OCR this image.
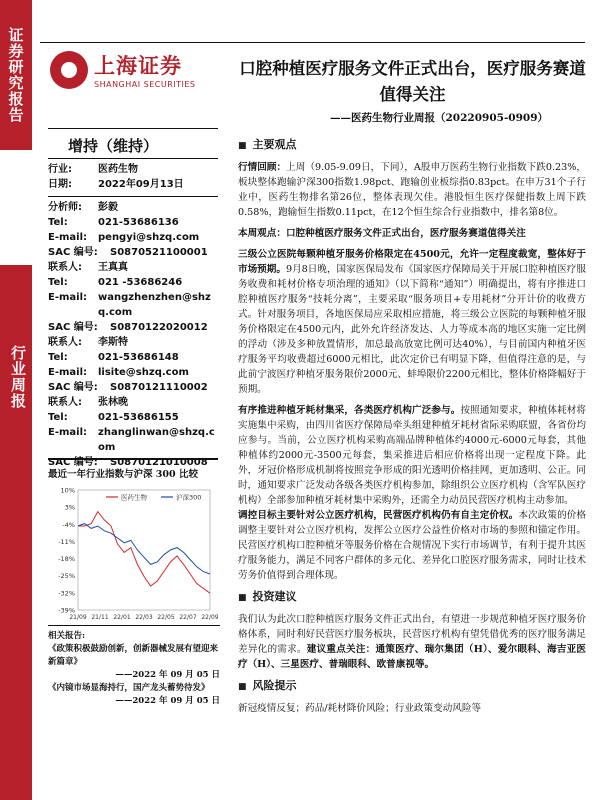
证券研究报告
行业周报
上海证券
SHANGHAI SECURITIES
口腔种植医疗服务文件正式出台，医疗服务赛道值得关注
——医药生物行业周报（20220905-0909）
增持（维持）
行业:	医药生物
日期:	2022年09月13日
分析师:	彭毅
Tel:	021-53686136
E-mail:	pengyi@shzq.com
SAC 编号:	S0870521100001
联系人:	王真真
Tel:	021 -53686246
E-mail:	wangzhenzhen@shzq.com
SAC 编号:	S0870122020012
联系人:	李斯特
Tel:	021-53686148
E-mail:	lisite@shzq.com
SAC 编号:	S0870121110002
联系人:	张林晚
Tel:	021-53686155
E-mail:	zhanglinwan@shzq.com
SAC 编号:	S0870121010008
最近一年行业指数与沪深 300 比较
10%
3%
-4%
-11%
-18%
-25%
-32%
-39%
21/09 21/11 22/01 22/03 22/05 22/07 22/09
医药生物	沪深300
相关报告:
《政策积极鼓励创新，创新器械发展有望迎来新篇章》
——2022 年 09 月 05 日
《内镜市场显海持行，国产龙头蓄势待发》
——2022 年 09 月 05 日
■ 主要观点
行情回顾：上周（9.05-9.09日，下同），A股申万医药生物行业指数下跌0.23%，板块整体跑输沪深300指数1.98pct、跑输创业板综指0.83pct。在申万31个子行业中，医药生物排名第26位，整体表现欠佳。港股恒生医疗保健指数上周下跌0.58%，跑输恒生指数0.11pct，在12个恒生综合行业指数中，排名第8位。
本周观点：口腔种植医疗服务文件正式出台，医疗服务赛道值得关注
三级公立医院每颗种植牙服务价格限定在4500元，允许一定程度裁宽，整体好于市场预期。9月8日晚，国家医保局发布《国家医疗保障局关于开展口腔种植医疗服务收费和耗材价格专项治理的通知》（以下简称“通知”）明确提出，将有序推进口腔种植医疗服务“技耗分离”，主要采取“服务项目+专用耗材”分开计价的收费方式。针对服务项目，各地医保局应采取相应措施，将三级公立医院的每颗种植牙服务价格限定在4500元内，此外允许经济发达、人力等成本高的地区实施一定比例的浮动（涉及多种放置情形，加总最高放宽比例可达40%），与目前国内种植牙医疗服务平均收费超过6000元相比，此次定价已有明显下降，但值得注意的是，与此前宁波医疗种植牙服务限价2000元、蚌埠限价2200元相比，整体价格降幅好于预期。
有序推进种植牙耗材集采，各类医疗机构广泛参与。按照通知要求，种植体耗材将实施集中采购，由四川省医疗保障局牵头组建种植牙耗材省际采购联盟，各省份均应参与。当前，公立医疗机构采购高端品牌种植体约4000元-6000元每套，其他种植体约2000元-3500元每套，集采推进后相应价格将出现一定程度下降。此外，牙冠价格形成机制将按照竞争形成的阳光透明价格挂网，更加透明、公正。同时，通知要求广泛发动各级各类医疗机构参加，除组织公立医疗机构（含军队医疗机构）全部参加种植牙耗材集中采购外，还需全力动员民营医疗机构主动参加。
调控目标主要针对公立医疗机构，民营医疗机构仍有自主定价权。本次政策的价格调整主要针对公立医疗机构，发挥公立医疗公益性价格对市场的参照和锚定作用。民营医疗机构口腔种植牙等服务价格在合规情况下实行市场调节，有利于提升其医疗服务能力，满足不同客户群体的多元化、差异化口腔医疗服务需求，同时让技术劳务价值得到合理体现。
■ 投资建议
我们认为此次口腔种植医疗服务文件正式出台，有望进一步规范种植牙医疗服务价格体系，同时利好民营医疗服务板块，民营医疗机构有望凭借优秀的医疗服务满足差异化的需求。建议重点关注：通策医疗、瑞尔集团（H）、爱尔眼科、海吉亚医疗（H）、三星医疗、普瑞眼科、欧普康视等。
■ 风险提示
新冠疫情反复；药品/耗材降价风险；行业政策变动风险等
